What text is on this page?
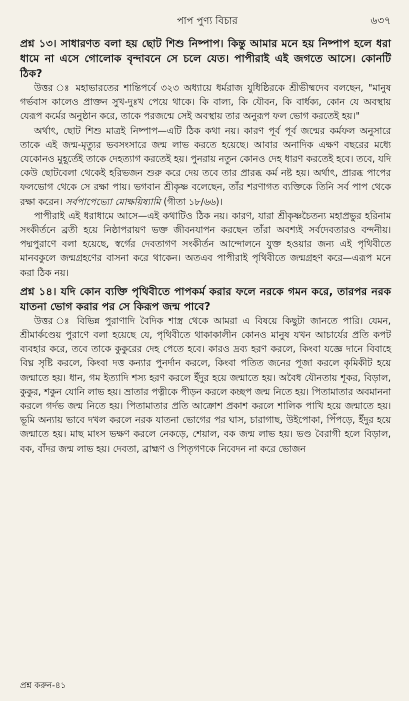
পাপ পুণ্য বিচার	৬৩৭

প্রশ্ন ১৩। সাধারণত বলা হয় ছোট শিশু নিষ্পাপ। কিন্তু আমার মনে হয় নিষ্পাপ হলে ধরা ধামে না এসে গোলোক বৃন্দাবনে সে চলে যেত। পাপীরাই এই জগতে আসে। কোনটি ঠিক?

উত্তর ঃ মহাভারতের শান্তিপর্বে ৩২৩ অধ্যায়ে ধর্মরাজ যুধিষ্ঠিরকে শ্রীভীষ্মদেব বলছেন, "মানুষ গর্ভবাস কালেও প্রাক্তন সুখ-দুঃখ পেয়ে থাকে। কি বাল্য, কি যৌবন, কি বার্ধক্য, কোন যে অবস্থায় যেরূপ কর্মের অনুষ্ঠান করে, তাকে পরজন্মে সেই অবস্থায় তার অনুরূপ ফল ভোগ করতেই হয়।"

অর্থাৎ, ছোট শিশু মাত্রই নিষ্পাপ—এটি ঠিক কথা নয়। কারণ পূর্ব পূর্ব জন্মের কর্মফল অনুসারে তাকে এই জন্ম-মৃত্যুর ভবসংসারে জন্ম লাভ করতে হয়েছে। আবার অনাদিক এক্ষণ বছরের মধ্যে যেকোনও মুহূর্তেই তাকে দেহত্যাগ করতেই হয়। পুনরায় নতুন কোনও দেহ ধারণ করতেই হবে। তবে, যদি কেউ ছোটবেলা থেকেই হরিভজন শুরু করে দেয় তবে তার প্রারব্ধ কর্ম নষ্ট হয়। অর্থাৎ, প্রারব্ধ পাপের ফলভোগ থেকে সে রক্ষা পায়। ভগবান শ্রীকৃষ্ণ বলেছেন, তাঁর শরণাগত ব্যক্তিকে তিনি সর্ব পাপ থেকে রক্ষা করেন। সর্বপাপেভ্যো মোক্ষয়িষ্যামি (গীতা ১৮/৬৬)।

পাপীরাই এই ধরাধামে আসে—এই কথাটিও ঠিক নয়। কারণ, যারা শ্রীকৃষ্ণচৈতন্য মহাপ্রভুর হরিনাম সংকীর্তনে ব্রতী হয়ে নিষ্ঠাপরায়ণ ভক্ত জীবনযাপন করছেন তাঁরা অবশ্যই সর্বদেবতারও বন্দনীয়। পদ্মপুরাণে বলা হয়েছে, স্বর্গের দেবতাগণ সংকীর্তন আন্দোলনে যুক্ত হওয়ার জন্য এই পৃথিবীতে মানবকুলে জন্মগ্রহণের বাসনা করে থাকেন। অতএব পাপীরাই পৃথিবীতে জন্মগ্রহণ করে—এরূপ মনে করা ঠিক নয়।

প্রশ্ন ১৪। যদি কোন ব্যক্তি পৃথিবীতে পাপকর্ম করার ফলে নরকে গমন করে, তারপর নরক যাতনা ভোগ করার পর সে কিরূপ জন্ম পাবে?

উত্তর ঃ বিভিন্ন পুরাণাদি বৈদিক শাস্ত্র থেকে আমরা এ বিষয়ে কিছুটা জানতে পারি। যেমন, শ্রীমার্কণ্ডেয় পুরাণে বলা হয়েছে যে, পৃথিবীতে থাকাকালীন কোনও মানুষ যখন আচার্যের প্রতি কপট ব্যবহার করে, তবে তাকে কুকুরের দেহ পেতে হবে। কারও দ্রব্য হরণ করলে, কিংবা যজ্ঞে দানে বিবাহে বিঘ্ন সৃষ্টি করলে, কিংবা দত্ত কন্যার পুনর্দান করলে, কিংবা পতিত জনের পূজা করলে কৃমিকীট হয়ে জন্মাতে হয়। ধান, গম ইত্যাদি শস্য হরণ করলে ইঁদুর হয়ে জন্মাতে হয়। অবৈধ যৌনতায় শূকর, বিড়াল, কুকুর, শকুন যোনি লাভ হয়। ভ্রাতার পত্নীকে পীড়ন করলে কচ্ছপ জন্ম নিতে হয়। পিতামাতার অবমাননা করলে গর্দভ জন্ম নিতে হয়। পিতামাতার প্রতি আক্রোশ প্রকাশ করলে শালিক পাখি হয়ে জন্মাতে হয়। ভূমি অন্যায় ভাবে দখল করলে নরক যাতনা ভোগের পর ঘাস, চারাগাছ, উইপোকা, পিঁপড়ে, ইঁদুর হয়ে জন্মাতে হয়। মাছ মাংস ভক্ষণ করলে নেকড়ে, শেয়াল, বক জন্ম লাভ হয়। ভণ্ড বৈরাগী হলে বিড়াল, বক, বাঁদর জন্ম লাভ হয়। দেবতা, ব্রাহ্মণ ও পিতৃগণকে নিবেদন না করে ভোজন

প্রশ্ন করুন-৪১
